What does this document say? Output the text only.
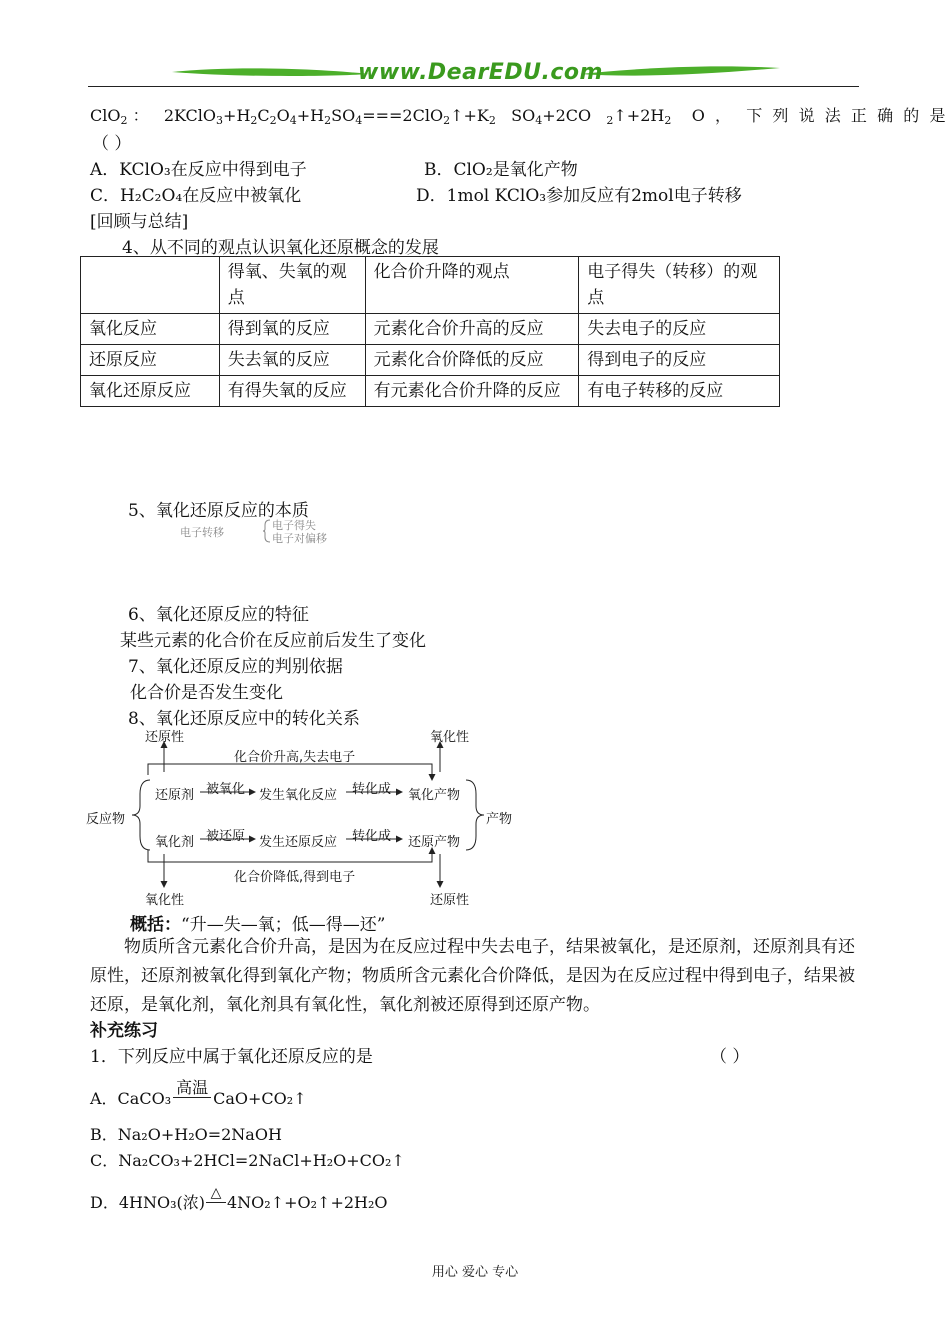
www.DearEDU.com
ClO$_2$ ： $2KClO_3+H_2C_2O_4+H_2SO_4===2ClO_2↑+K_2$   $SO_4+2CO$   $_2↑+2H_2$    O  ，   下  列  说  法  正  确  的  是
（ ）
A．KClO₃在反应中得到电子	B．ClO₂是氧化产物
C．H₂C₂O₄在反应中被氧化	D．1mol KClO₃参加反应有2mol电子转移
[回顾与总结]
4、从不同的观点认识氧化还原概念的发展
	得氧、失氧的观点	化合价升降的观点	电子得失（转移）的观点
氧化反应	得到氧的反应	元素化合价升高的反应	失去电子的反应
还原反应	失去氧的反应	元素化合价降低的反应	得到电子的反应
氧化还原反应	有得失氧的反应	有元素化合价升降的反应	有电子转移的反应
5、氧化还原反应的本质
电子转移
电子得失
电子对偏移
6、氧化还原反应的特征
某些元素的化合价在反应前后发生了变化
7、氧化还原反应的判别依据
化合价是否发生变化
8、氧化还原反应中的转化关系
还原性	氧化性
化合价升高,失去电子
还原剂 被氧化 发生氧化反应 转化成 氧化产物
反应物	产物
氧化剂 被还原 发生还原反应 转化成 还原产物
化合价降低,得到电子
氧化性	还原性
概括：“升—失—氧；低—得—还”
物质所含元素化合价升高，是因为在反应过程中失去电子，结果被氧化，是还原剂，还原剂具有还原性，还原剂被氧化得到氧化产物；物质所含元素化合价降低，是因为在反应过程中得到电子，结果被还原，是氧化剂，氧化剂具有氧化性，氧化剂被还原得到还原产物。
补充练习
1．下列反应中属于氧化还原反应的是	（ ）
A．CaCO₃
高温
CaO+CO₂↑
B．Na₂O+H₂O=2NaOH
C．Na₂CO₃+2HCl=2NaCl+H₂O+CO₂↑
D．4HNO₃(浓) △ 4NO₂↑+O₂↑+2H₂O
用心 爱心 专心
